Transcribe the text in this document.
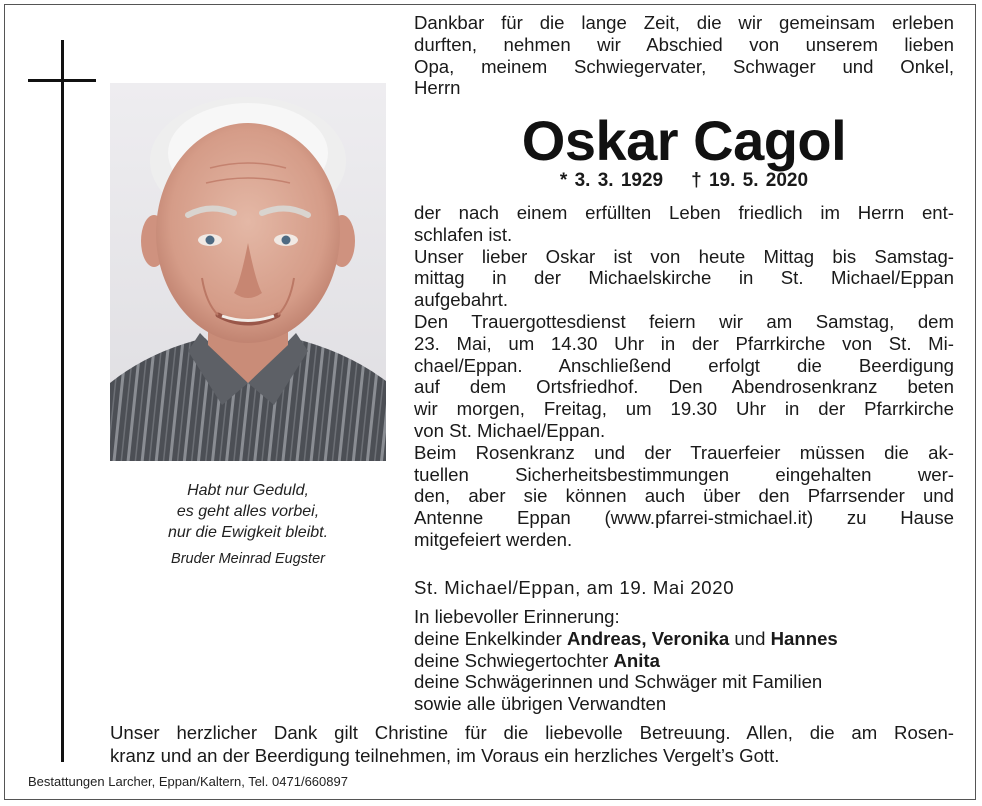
Habt nur Geduld,
es geht alles vorbei,
nur die Ewigkeit bleibt.
Bruder Meinrad Eugster
Dankbar für die lange Zeit, die wir gemeinsam erleben
durften, nehmen wir Abschied von unserem lieben
Opa, meinem Schwiegervater, Schwager und Onkel,
Herrn
Oskar Cagol
* 3. 3. 1929 † 19. 5. 2020
der nach einem erfüllten Leben friedlich im Herrn ent-
schlafen ist.
Unser lieber Oskar ist von heute Mittag bis Samstag-
mittag in der Michaelskirche in St. Michael/Eppan
aufgebahrt.
Den Trauergottesdienst feiern wir am Samstag, dem
23. Mai, um 14.30 Uhr in der Pfarrkirche von St. Mi-
chael/Eppan. Anschließend erfolgt die Beerdigung
auf dem Ortsfriedhof. Den Abendrosenkranz beten
wir morgen, Freitag, um 19.30 Uhr in der Pfarrkirche
von St. Michael/Eppan.
Beim Rosenkranz und der Trauerfeier müssen die ak-
tuellen Sicherheitsbestimmungen eingehalten wer-
den, aber sie können auch über den Pfarrsender und
Antenne Eppan (www.pfarrei-stmichael.it) zu Hause
mitgefeiert werden.
St. Michael/Eppan, am 19. Mai 2020
In liebevoller Erinnerung:
deine Enkelkinder Andreas, Veronika und Hannes
deine Schwiegertochter Anita
deine Schwägerinnen und Schwäger mit Familien
sowie alle übrigen Verwandten
Unser herzlicher Dank gilt Christine für die liebevolle Betreuung. Allen, die am Rosen-
kranz und an der Beerdigung teilnehmen, im Voraus ein herzliches Vergelt’s Gott.
Bestattungen Larcher, Eppan/Kaltern, Tel. 0471/660897
